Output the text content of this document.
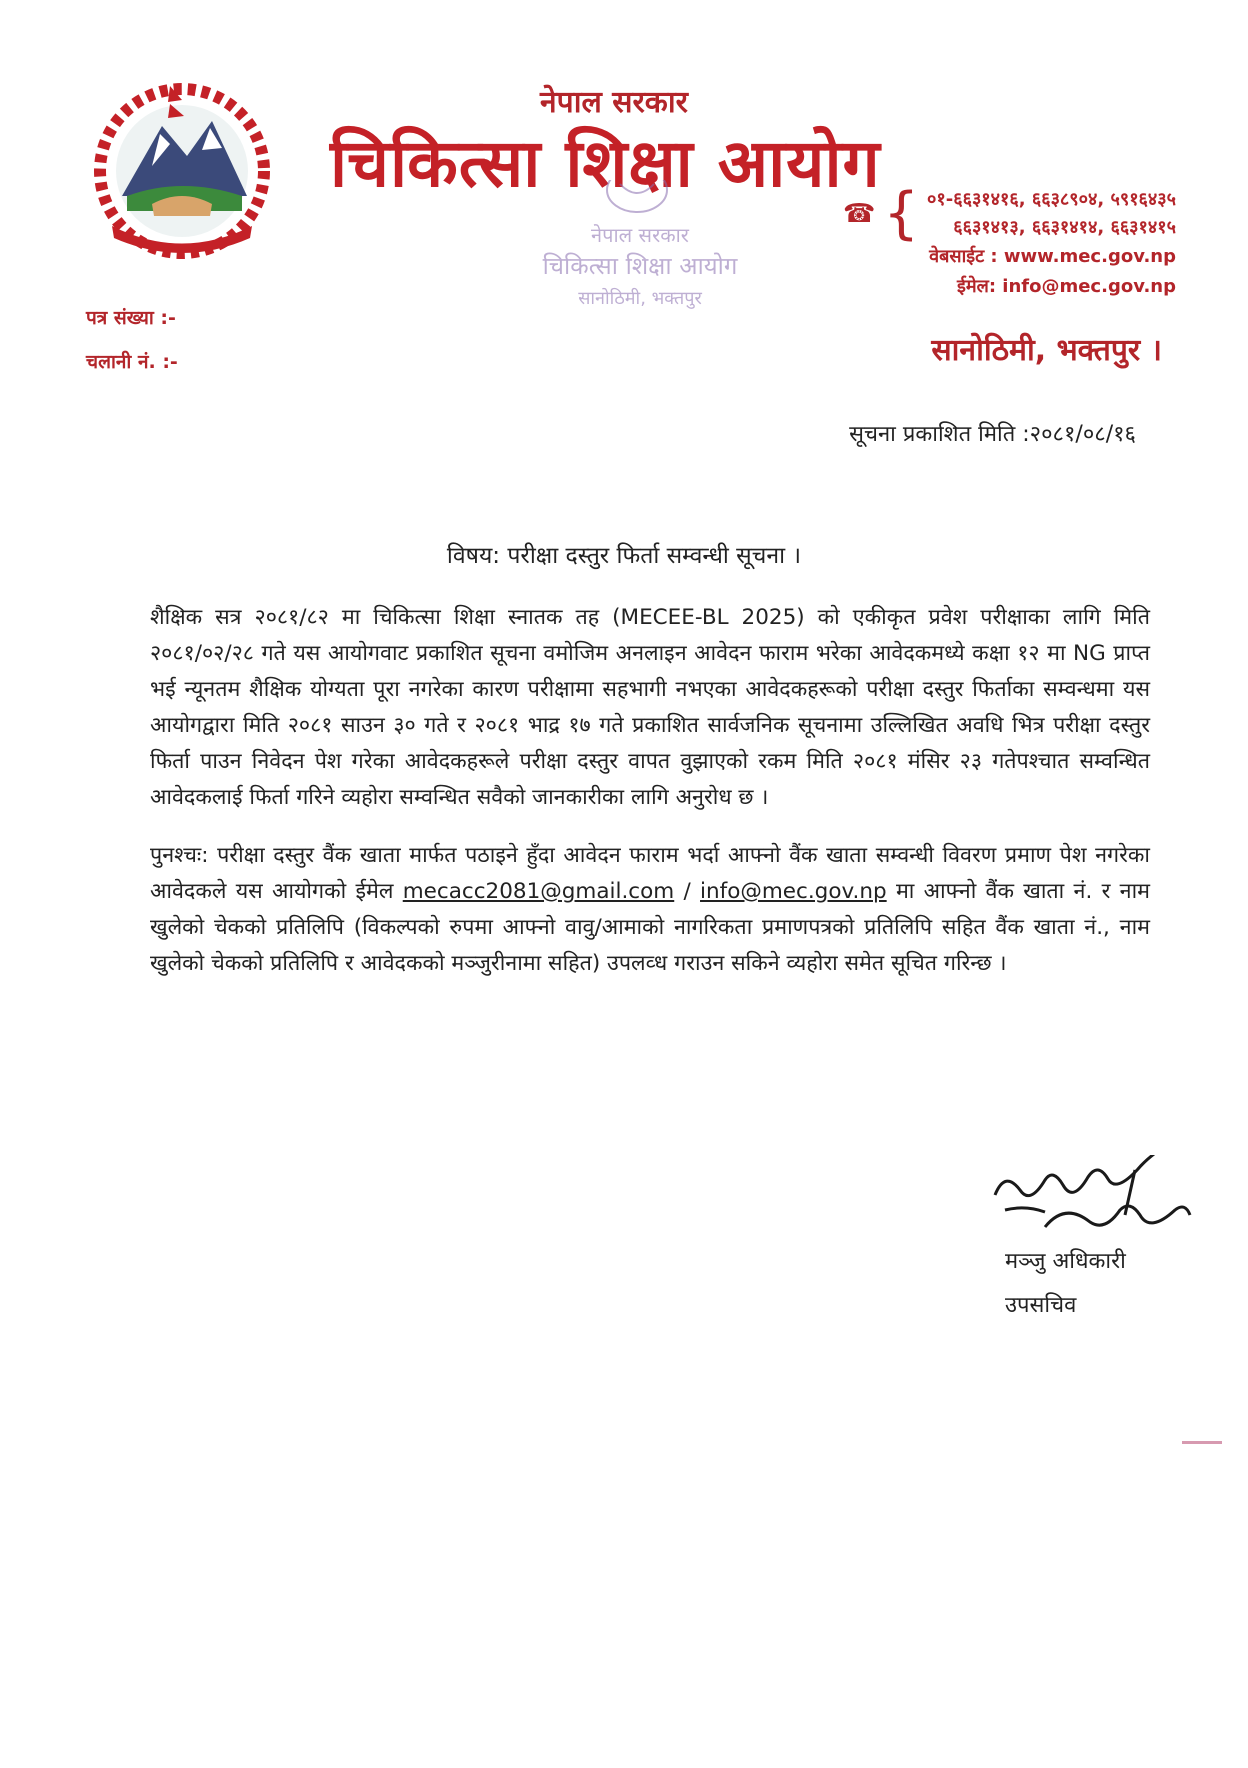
नेपाल सरकार
चिकित्सा शिक्षा आयोग
नेपाल सरकार
चिकित्सा शिक्षा आयोग
सानोठिमी, भक्तपुर
☎ { ०१-६६३१४१६, ६६३८९०४, ५९१६४३५
६६३१४१३, ६६३१४१४, ६६३१४१५
वेबसाईट : www.mec.gov.np
ईमेल: info@mec.gov.np
सानोठिमी, भक्तपुर ।
पत्र संख्या :-
चलानी नं. :-
सूचना प्रकाशित मिति :२०८१/०८/१६
विषय: परीक्षा दस्तुर फिर्ता सम्वन्धी सूचना ।

शैक्षिक सत्र २०८१/८२ मा चिकित्सा शिक्षा स्नातक तह (MECEE-BL 2025) को एकीकृत प्रवेश परीक्षाका लागि मिति २०८१/०२/२८ गते यस आयोगवाट प्रकाशित सूचना वमोजिम अनलाइन आवेदन फाराम भरेका आवेदकमध्ये कक्षा १२ मा NG प्राप्त भई न्यूनतम शैक्षिक योग्यता पूरा नगरेका कारण परीक्षामा सहभागी नभएका आवेदकहरूको परीक्षा दस्तुर फिर्ताका सम्वन्धमा यस आयोगद्वारा मिति २०८१ साउन ३० गते र २०८१ भाद्र १७ गते प्रकाशित सार्वजनिक सूचनामा उल्लिखित अवधि भित्र परीक्षा दस्तुर फिर्ता पाउन निवेदन पेश गरेका आवेदकहरूले परीक्षा दस्तुर वापत वुझाएको रकम मिति २०८१ मंसिर २३ गतेपश्चात सम्वन्धित आवेदकलाई फिर्ता गरिने व्यहोरा सम्वन्धित सवैको जानकारीका लागि अनुरोध छ ।

पुनश्चः: परीक्षा दस्तुर वैंक खाता मार्फत पठाइने हुँदा आवेदन फाराम भर्दा आफ्नो वैंक खाता सम्वन्धी विवरण प्रमाण पेश नगरेका आवेदकले यस आयोगको ईमेल mecacc2081@gmail.com / info@mec.gov.np मा आफ्नो वैंक खाता नं. र नाम खुलेको चेकको प्रतिलिपि (विकल्पको रुपमा आफ्नो वावु/आमाको नागरिकता प्रमाणपत्रको प्रतिलिपि सहित वैंक खाता नं., नाम खुलेको चेकको प्रतिलिपि र आवेदकको मञ्जुरीनामा सहित) उपलव्ध गराउन सकिने व्यहोरा समेत सूचित गरिन्छ ।

मञ्जु अधिकारी
उपसचिव
